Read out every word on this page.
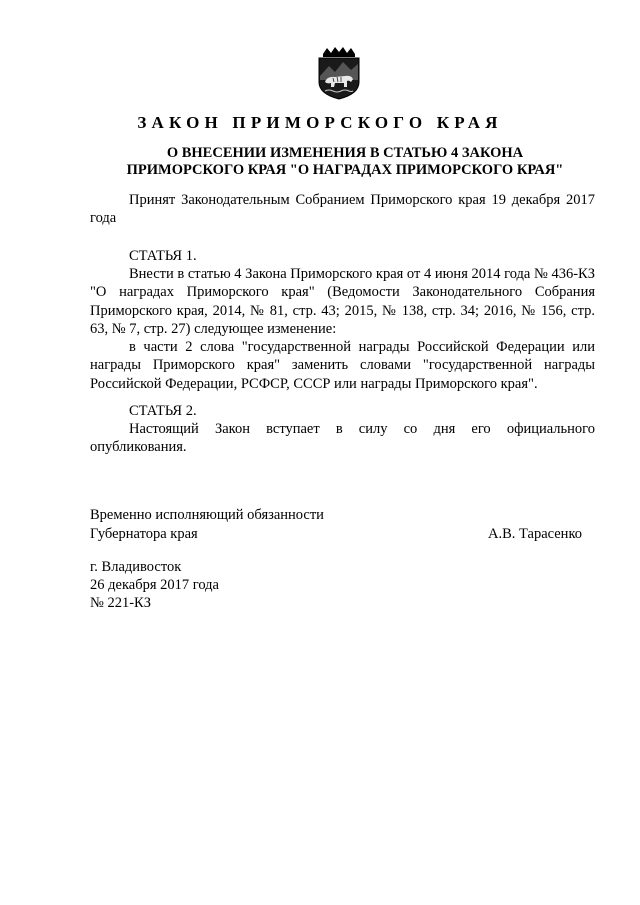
ЗАКОН ПРИМОРСКОГО КРАЯ
О ВНЕСЕНИИ ИЗМЕНЕНИЯ В СТАТЬЮ 4 ЗАКОНА
ПРИМОРСКОГО КРАЯ "О НАГРАДАХ ПРИМОРСКОГО КРАЯ"

Принят Законодательным Собранием Приморского края 19 декабря 2017 года

СТАТЬЯ 1.

Внести в статью 4 Закона Приморского края от 4 июня 2014 года № 436-КЗ "О наградах Приморского края" (Ведомости Законодательного Собрания Приморского края, 2014, № 81, стр. 43; 2015, № 138, стр. 34; 2016, № 156, стр. 63, № 7, стр. 27) следующее изменение:

в части 2 слова "государственной награды Российской Федерации или награды Приморского края" заменить словами "государственной награды Российской Федерации, РСФСР, СССР или награды Приморского края".

СТАТЬЯ 2.

Настоящий Закон вступает в силу со дня его официального опубликования.

Временно исполняющий обязанности

Губернатора края	А.В. Тарасенко

г. Владивосток

26 декабря 2017 года

№ 221-КЗ
